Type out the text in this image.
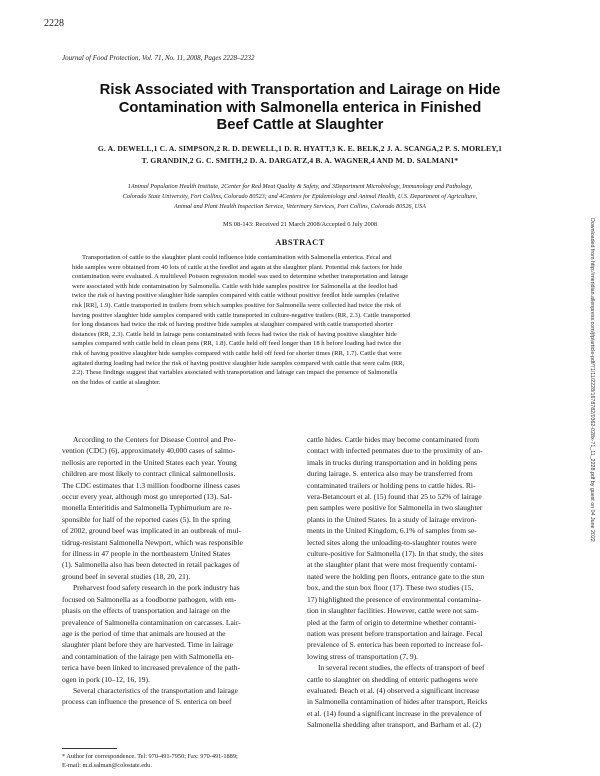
2228
Journal of Food Protection, Vol. 71, No. 11, 2008, Pages 2228–2232
Risk Associated with Transportation and Lairage on Hide
Contamination with Salmonella enterica in Finished
Beef Cattle at Slaughter
G. A. DEWELL,1 C. A. SIMPSON,2 R. D. DEWELL,1 D. R. HYATT,3 K. E. BELK,2 J. A. SCANGA,2 P. S. MORLEY,1
T. GRANDIN,2 G. C. SMITH,2 D. A. DARGATZ,4 B. A. WAGNER,4 AND M. D. SALMAN1*
1Animal Population Health Institute, 2Center for Red Meat Quality & Safety, and 3Department Microbiology, Immunology and Pathology,
Colorado State University, Fort Collins, Colorado 80523; and 4Centers for Epidemiology and Animal Health, U.S. Department of Agriculture,
Animal and Plant Health Inspection Service, Veterinary Services, Fort Collins, Colorado 80526, USA
MS 08-143: Received 21 March 2008/Accepted 6 July 2008
ABSTRACT
Transportation of cattle to the slaughter plant could influence hide contamination with Salmonella enterica. Fecal and
hide samples were obtained from 40 lots of cattle at the feedlot and again at the slaughter plant. Potential risk factors for hide
contamination were evaluated. A multilevel Poisson regression model was used to determine whether transportation and lairage
were associated with hide contamination by Salmonella. Cattle with hide samples positive for Salmonella at the feedlot had
twice the risk of having positive slaughter hide samples compared with cattle without positive feedlot hide samples (relative
risk [RR], 1.9). Cattle transported in trailers from which samples positive for Salmonella were collected had twice the risk of
having positive slaughter hide samples compared with cattle transported in culture-negative trailers (RR, 2.3). Cattle transported
for long distances had twice the risk of having positive hide samples at slaughter compared with cattle transported shorter
distances (RR, 2.3). Cattle held in lairage pens contaminated with feces had twice the risk of having positive slaughter hide
samples compared with cattle held in clean pens (RR, 1.8). Cattle held off feed longer than 18 h before loading had twice the
risk of having positive slaughter hide samples compared with cattle held off feed for shorter times (RR, 1.7). Cattle that were
agitated during loading had twice the risk of having positive slaughter hide samples compared with cattle that were calm (RR,
2.2). These findings suggest that variables associated with transportation and lairage can impact the presence of Salmonella
on the hides of cattle at slaughter.
According to the Centers for Disease Control and Pre-
vention (CDC) (6), approximately 40,000 cases of salmo-
nellosis are reported in the United States each year. Young
children are most likely to contract clinical salmonellosis.
The CDC estimates that 1.3 million foodborne illness cases
occur every year, although most go unreported (13). Sal-
monella Enteritidis and Salmonella Typhimurium are re-
sponsible for half of the reported cases (5). In the spring
of 2002, ground beef was implicated in an outbreak of mul-
tidrug-resistant Salmonella Newport, which was responsible
for illness in 47 people in the northeastern United States
(1). Salmonella also has been detected in retail packages of
ground beef in several studies (18, 20, 21).
Preharvest food safety research in the pork industry has
focused on Salmonella as a foodborne pathogen, with em-
phasis on the effects of transportation and lairage on the
prevalence of Salmonella contamination on carcasses. Lair-
age is the period of time that animals are housed at the
slaughter plant before they are harvested. Time in lairage
and contamination of the lairage pen with Salmonella en-
terica have been linked to increased prevalence of the path-
ogen in pork (10–12, 16, 19).
Several characteristics of the transportation and lairage
process can influence the presence of S. enterica on beef
cattle hides. Cattle hides may become contaminated from
contact with infected penmates due to the proximity of an-
imals in trucks during transportation and in holding pens
during lairage. S. enterica also may be transferred from
contaminated trailers or holding pens to cattle hides. Ri-
vera-Betancourt et al. (15) found that 25 to 52% of lairage
pen samples were positive for Salmonella in two slaughter
plants in the United States. In a study of lairage environ-
ments in the United Kingdom, 6.1% of samples from se-
lected sites along the unloading-to-slaughter routes were
culture-positive for Salmonella (17). In that study, the sites
at the slaughter plant that were most frequently contami-
nated were the holding pen floors, entrance gate to the stun
box, and the stun box floor (17). These two studies (15,
17) highlighted the presence of environmental contamina-
tion in slaughter facilities. However, cattle were not sam-
pled at the farm of origin to determine whether contami-
nation was present before transportation and lairage. Fecal
prevalence of S. enterica has been reported to increase fol-
lowing stress of transportation (7, 9).
In several recent studies, the effects of transport of beef
cattle to slaughter on shedding of enteric pathogens were
evaluated. Beach et al. (4) observed a significant increase
in Salmonella contamination of hides after transport, Reicks
et al. (14) found a significant increase in the prevalence of
Salmonella shedding after transport, and Barham et al. (2)
* Author for correspondence. Tel: 970-491-7950; Fax: 970-491-1889;
E-mail: m.d.salman@colostate.edu.
Downloaded from http://meridian.allenpress.com/jfp/article-pdf/71/11/2228/1678782/0362-028x-71_11_2228.pdf by guest on 04 June 2022
